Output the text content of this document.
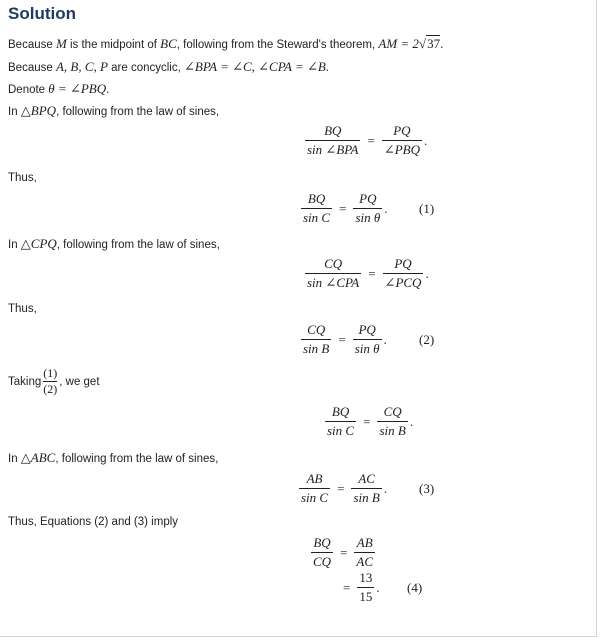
Solution
Because M is the midpoint of BC, following from the Steward's theorem, AM = 2√37.
Because A, B, C, P are concyclic, ∠BPA = ∠C, ∠CPA = ∠B.
Denote θ = ∠PBQ.
In △BPQ, following from the law of sines,
$\frac{BQ}{\text{sin ∠BPA}} = \frac{PQ}{\text{∠PBQ}}$ .
Thus,
$\frac{BQ}{\text{sin C}} = \frac{PQ}{\text{sin θ}}$ . (1)
In △CPQ, following from the law of sines,
$\frac{CQ}{\text{sin ∠CPA}} = \frac{PQ}{\text{∠PCQ}}$ .
Thus,
$\frac{CQ}{\text{sin B}} = \frac{PQ}{\text{sin θ}}$ . (2)
Taking $\frac{(1)}{(2)}$ , we get
$\frac{BQ}{\text{sin C}} = \frac{CQ}{\text{sin B}}$ .
In △ABC, following from the law of sines,
$\frac{AB}{\text{sin C}} = \frac{AC}{\text{sin B}}$ . (3)
Thus, Equations (2) and (3) imply
$\frac{BQ}{CQ} = \frac{AB}{AC}$
= $\frac{13}{15}$ . (4)
